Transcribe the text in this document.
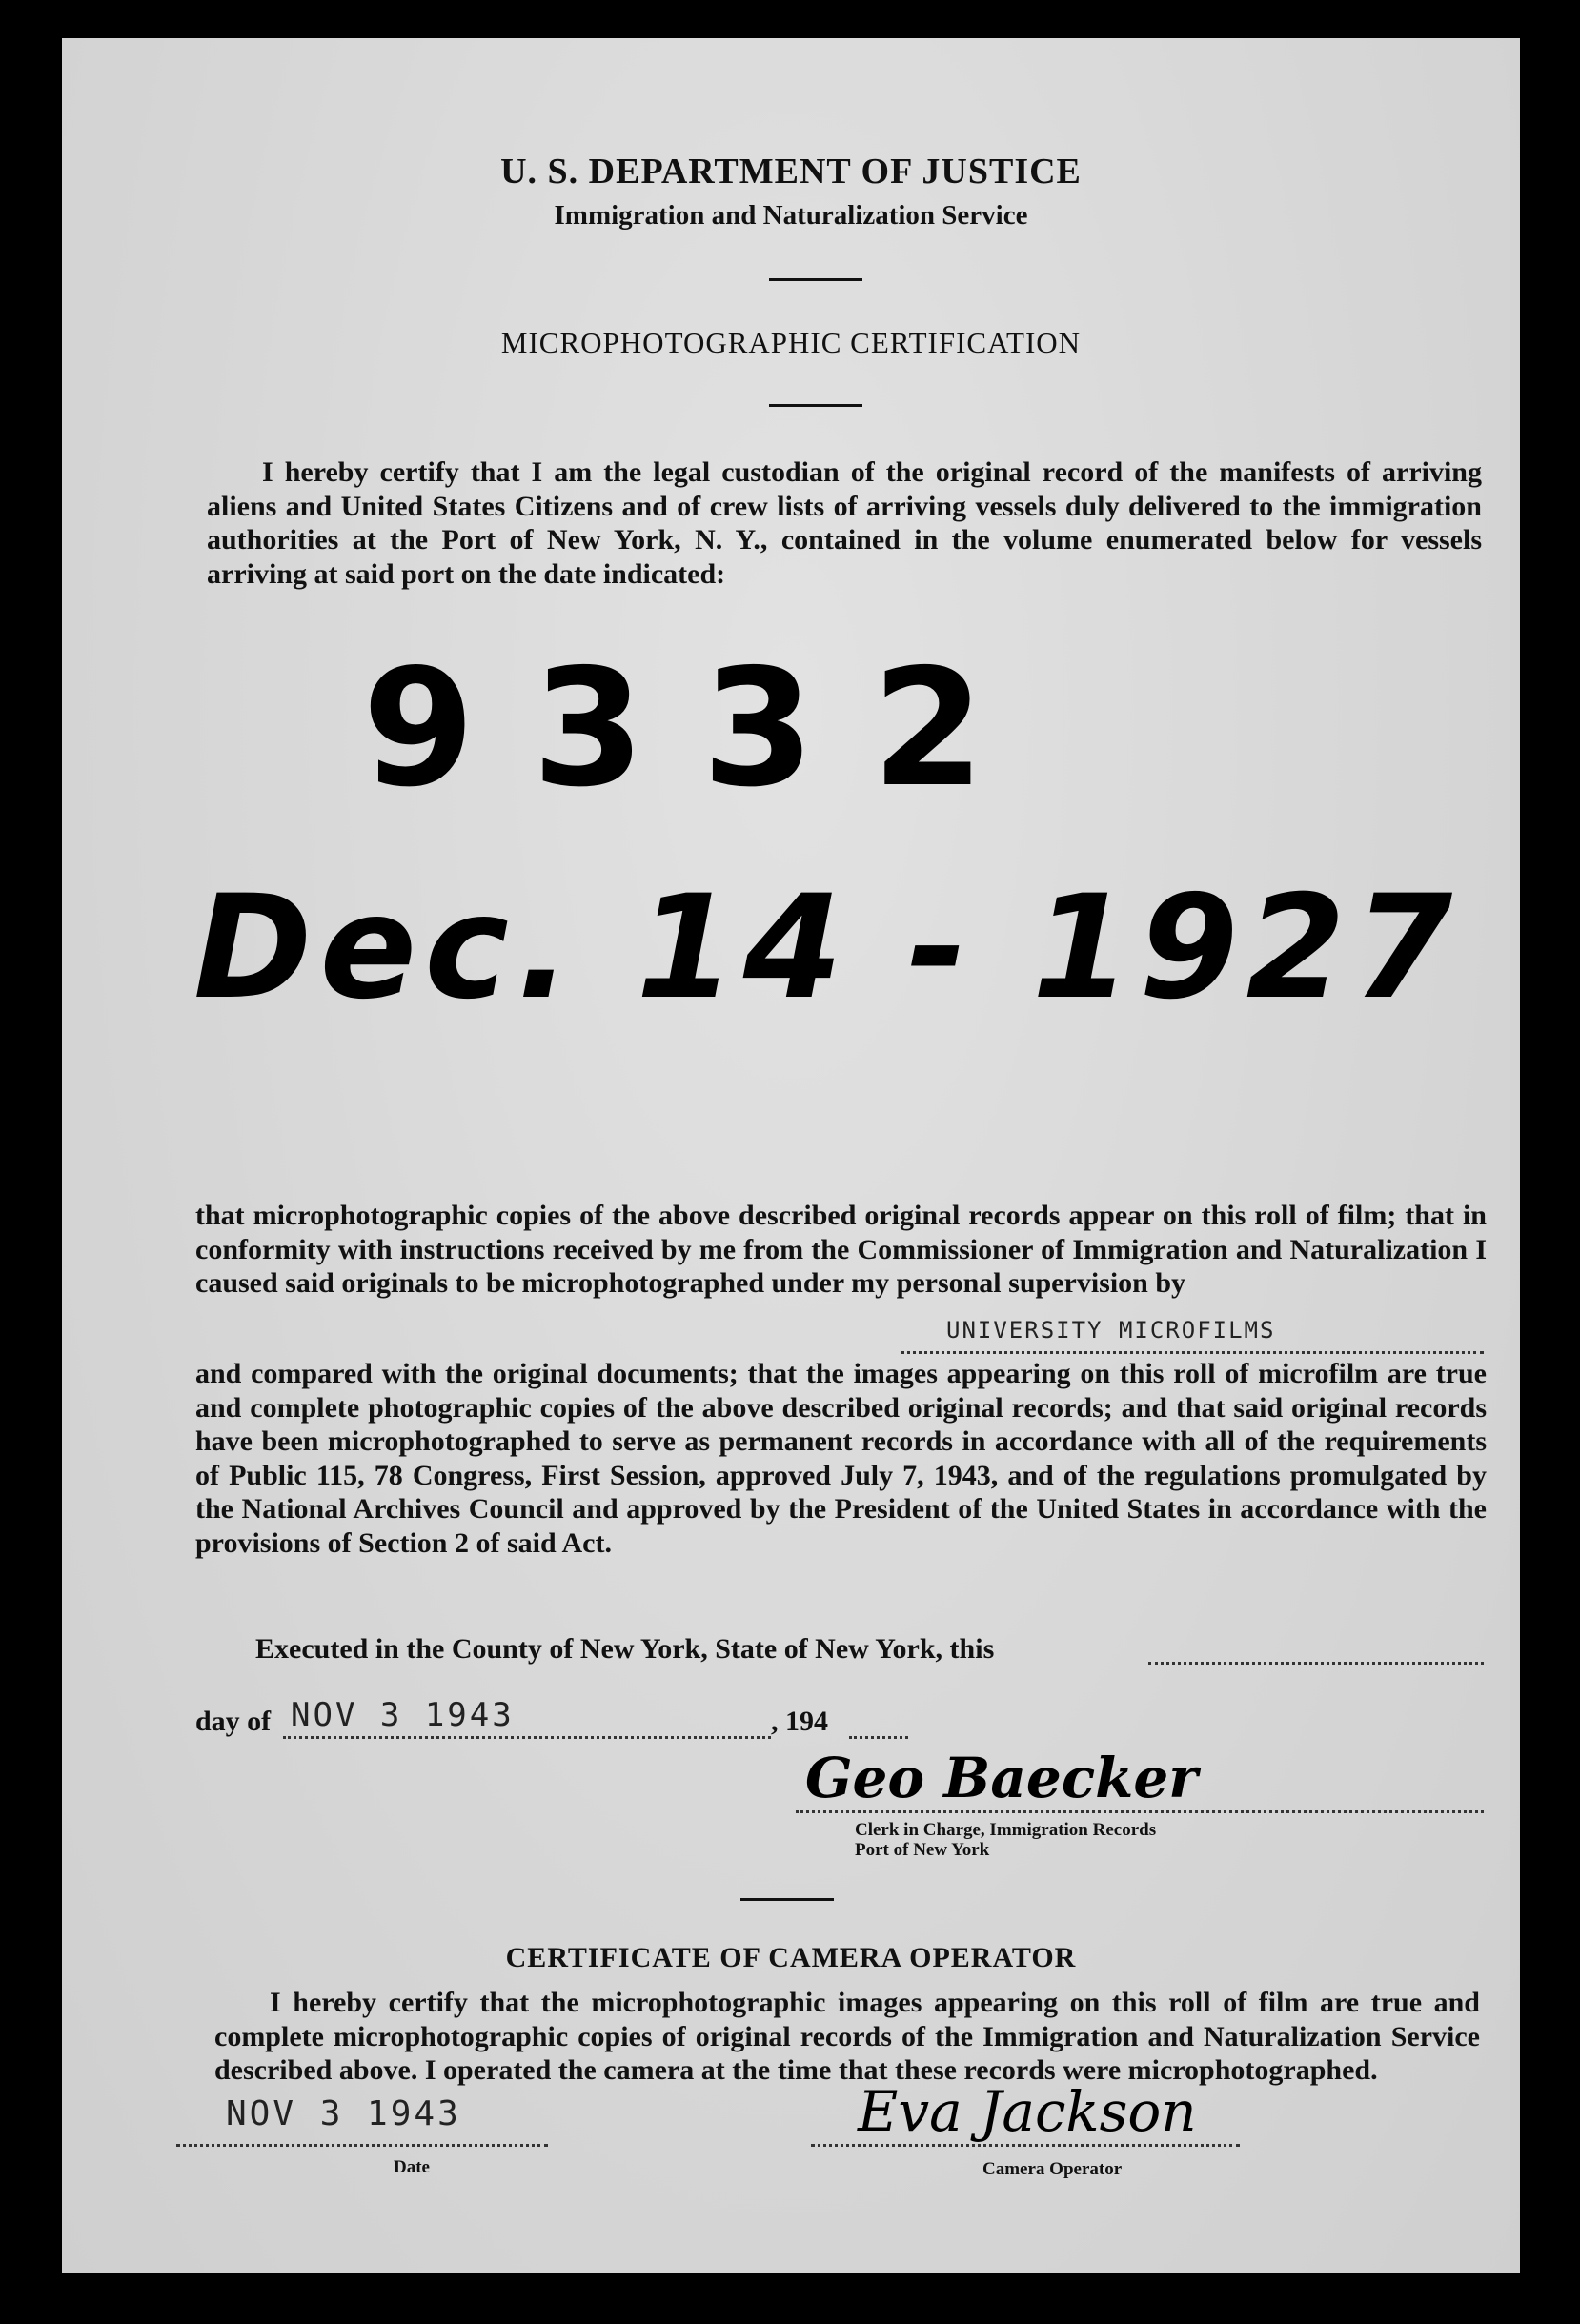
U. S. DEPARTMENT OF JUSTICE
Immigration and Naturalization Service
MICROPHOTOGRAPHIC CERTIFICATION

I hereby certify that I am the legal custodian of the original record of the manifests of arriving aliens and United States Citizens and of crew lists of arriving vessels duly delivered to the immigration authorities at the Port of New York, N. Y., contained in the volume enumerated below for vessels arriving at said port on the date indicated:

9332
Dec. 14 - 1927

that microphotographic copies of the above described original records appear on this roll of film; that in conformity with instructions received by me from the Commissioner of Immigration and Naturalization I caused said originals to be microphotographed under my personal supervision by

UNIVERSITY MICROFILMS

and compared with the original documents; that the images appearing on this roll of microfilm are true and complete photographic copies of the above described original records; and that said original records have been microphotographed to serve as permanent records in accordance with all of the requirements of Public 115, 78 Congress, First Session, approved July 7, 1943, and of the regulations promulgated by the National Archives Council and approved by the President of the United States in accordance with the provisions of Section 2 of said Act.

Executed in the County of New York, State of New York, this
day of NOV 3 1943	, 194
Geo Baecker
Clerk in Charge, Immigration Records
Port of New York
CERTIFICATE OF CAMERA OPERATOR

I hereby certify that the microphotographic images appearing on this roll of film are true and complete microphotographic copies of original records of the Immigration and Naturalization Service described above. I operated the camera at the time that these records were microphotographed.

NOV 3 1943
Date
Eva Jackson
Camera Operator
